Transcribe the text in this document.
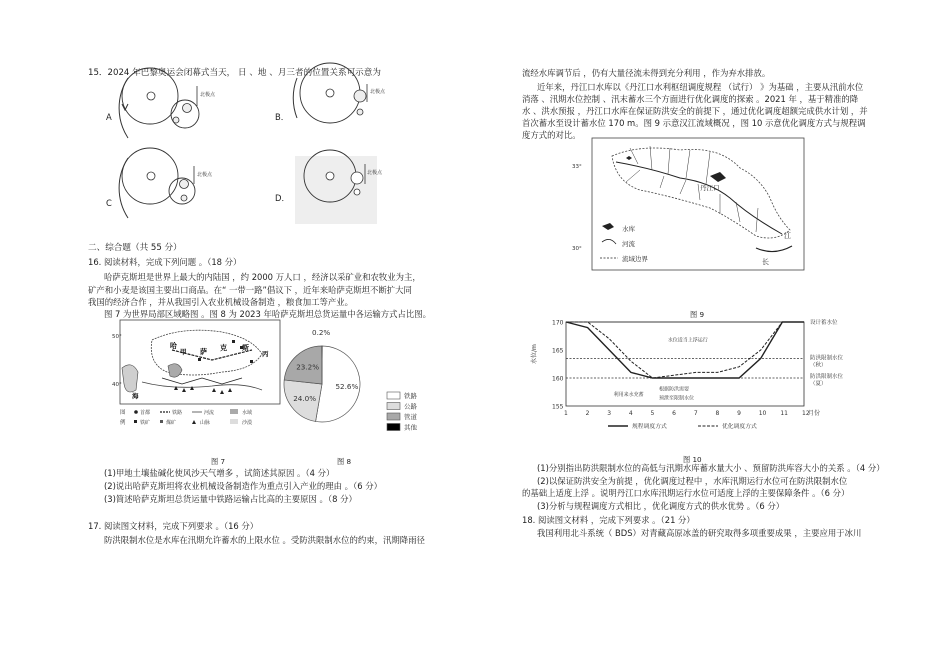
15．2024 年巴黎奥运会闭幕式当天， 日 、地 、月三者的位置关系可示意为
北极点	北极点
北极点	北极点
A	B．
C	D．
二、综合题（共 55 分）
16. 阅读材料，完成下列问题 。（18 分）
哈萨克斯坦是世界上最大的内陆国 ，约 2000 万人口 ，经济以采矿业和农牧业为主，
矿产和小麦是该国主要出口商品。在“ 一带一路”倡议下 ，近年来哈萨克斯坦不断扩大同
我国的经济合作 ，并从我国引入农业机械设备制造 ，粮食加工等产业。
图 7 为世界局部区域略图 。图 8 为 2023 年哈萨克斯坦总货运量中各运输方式占比图。
50°
40°
哈
甲 萨 克 斯
丙
海
图
例
首都	铁路	河流	水域
铁矿	煤矿	山脉	沙漠
52.6%
24.0%
23.2%
0.2%
铁路
公路
管道
其他
图 7	图 8
(1)甲地土壤盐碱化使风沙天气增多 ，试简述其原因 。（4 分）
(2)说出哈萨克斯坦将农业机械设备制造作为重点引入产业的理由 。（6 分）
(3)简述哈萨克斯坦总货运量中铁路运输占比高的主要原因 。（8 分）
17. 阅读图文材料，完成下列要求 。（16 分）
防洪限制水位是水库在汛期允许蓄水的上限水位 。受防洪限制水位的约束，汛期降雨径
流经水库调节后 ，仍有大量径流未得到充分利用 ，作为弃水排放。
近年来，丹江口水库以《丹江口水利枢纽调度规程 （试行） 》为基础 ，主要从汛前水位
消落 、汛期水位控制 、汛末蓄水三个方面进行优化调度的探索 。2021 年 ，基于精准的降
水 、洪水预报 ，丹江口水库在保证防洪安全的前提下 ，通过优化调度超额完成供水计划 ，并
首次蓄水至设计蓄水位 170 m。图 9 示意汉江流域概况 ，图 10 示意优化调度方式与规程调
度方式的对比。
丹江口
33°
30°
江
长
水库
河流
流域边界
图 9
170
165
160
155
水位/m
1	2	3	4	5	6	7	8	9	10 11 12
月份
设计蓄水位
防洪限制水位
（秋）
防洪限制水位
（夏）
水位适当上浮运行
根据防洪需要
预泄至限制水位
利用来水充蓄
规程调度方式	优化调度方式
图 10
(1)分别指出防洪限制水位的高低与汛期水库蓄水量大小 、预留防洪库容大小的关系 。（4 分）
(2)以保证防洪安全为前提 ，优化调度过程中 ，水库汛期运行水位可在防洪限制水位
的基础上适度上浮 。说明丹江口水库汛期运行水位可适度上浮的主要保障条件 。（6 分）
(3)分析与规程调度方式相比 ，优化调度方式的供水优势 。（6 分）
18. 阅读图文材料 ，完成下列要求 。（21 分）
我国利用北斗系统（ BDS）对青藏高原冰盖的研究取得多项重要成果 ，主要应用于冰川
